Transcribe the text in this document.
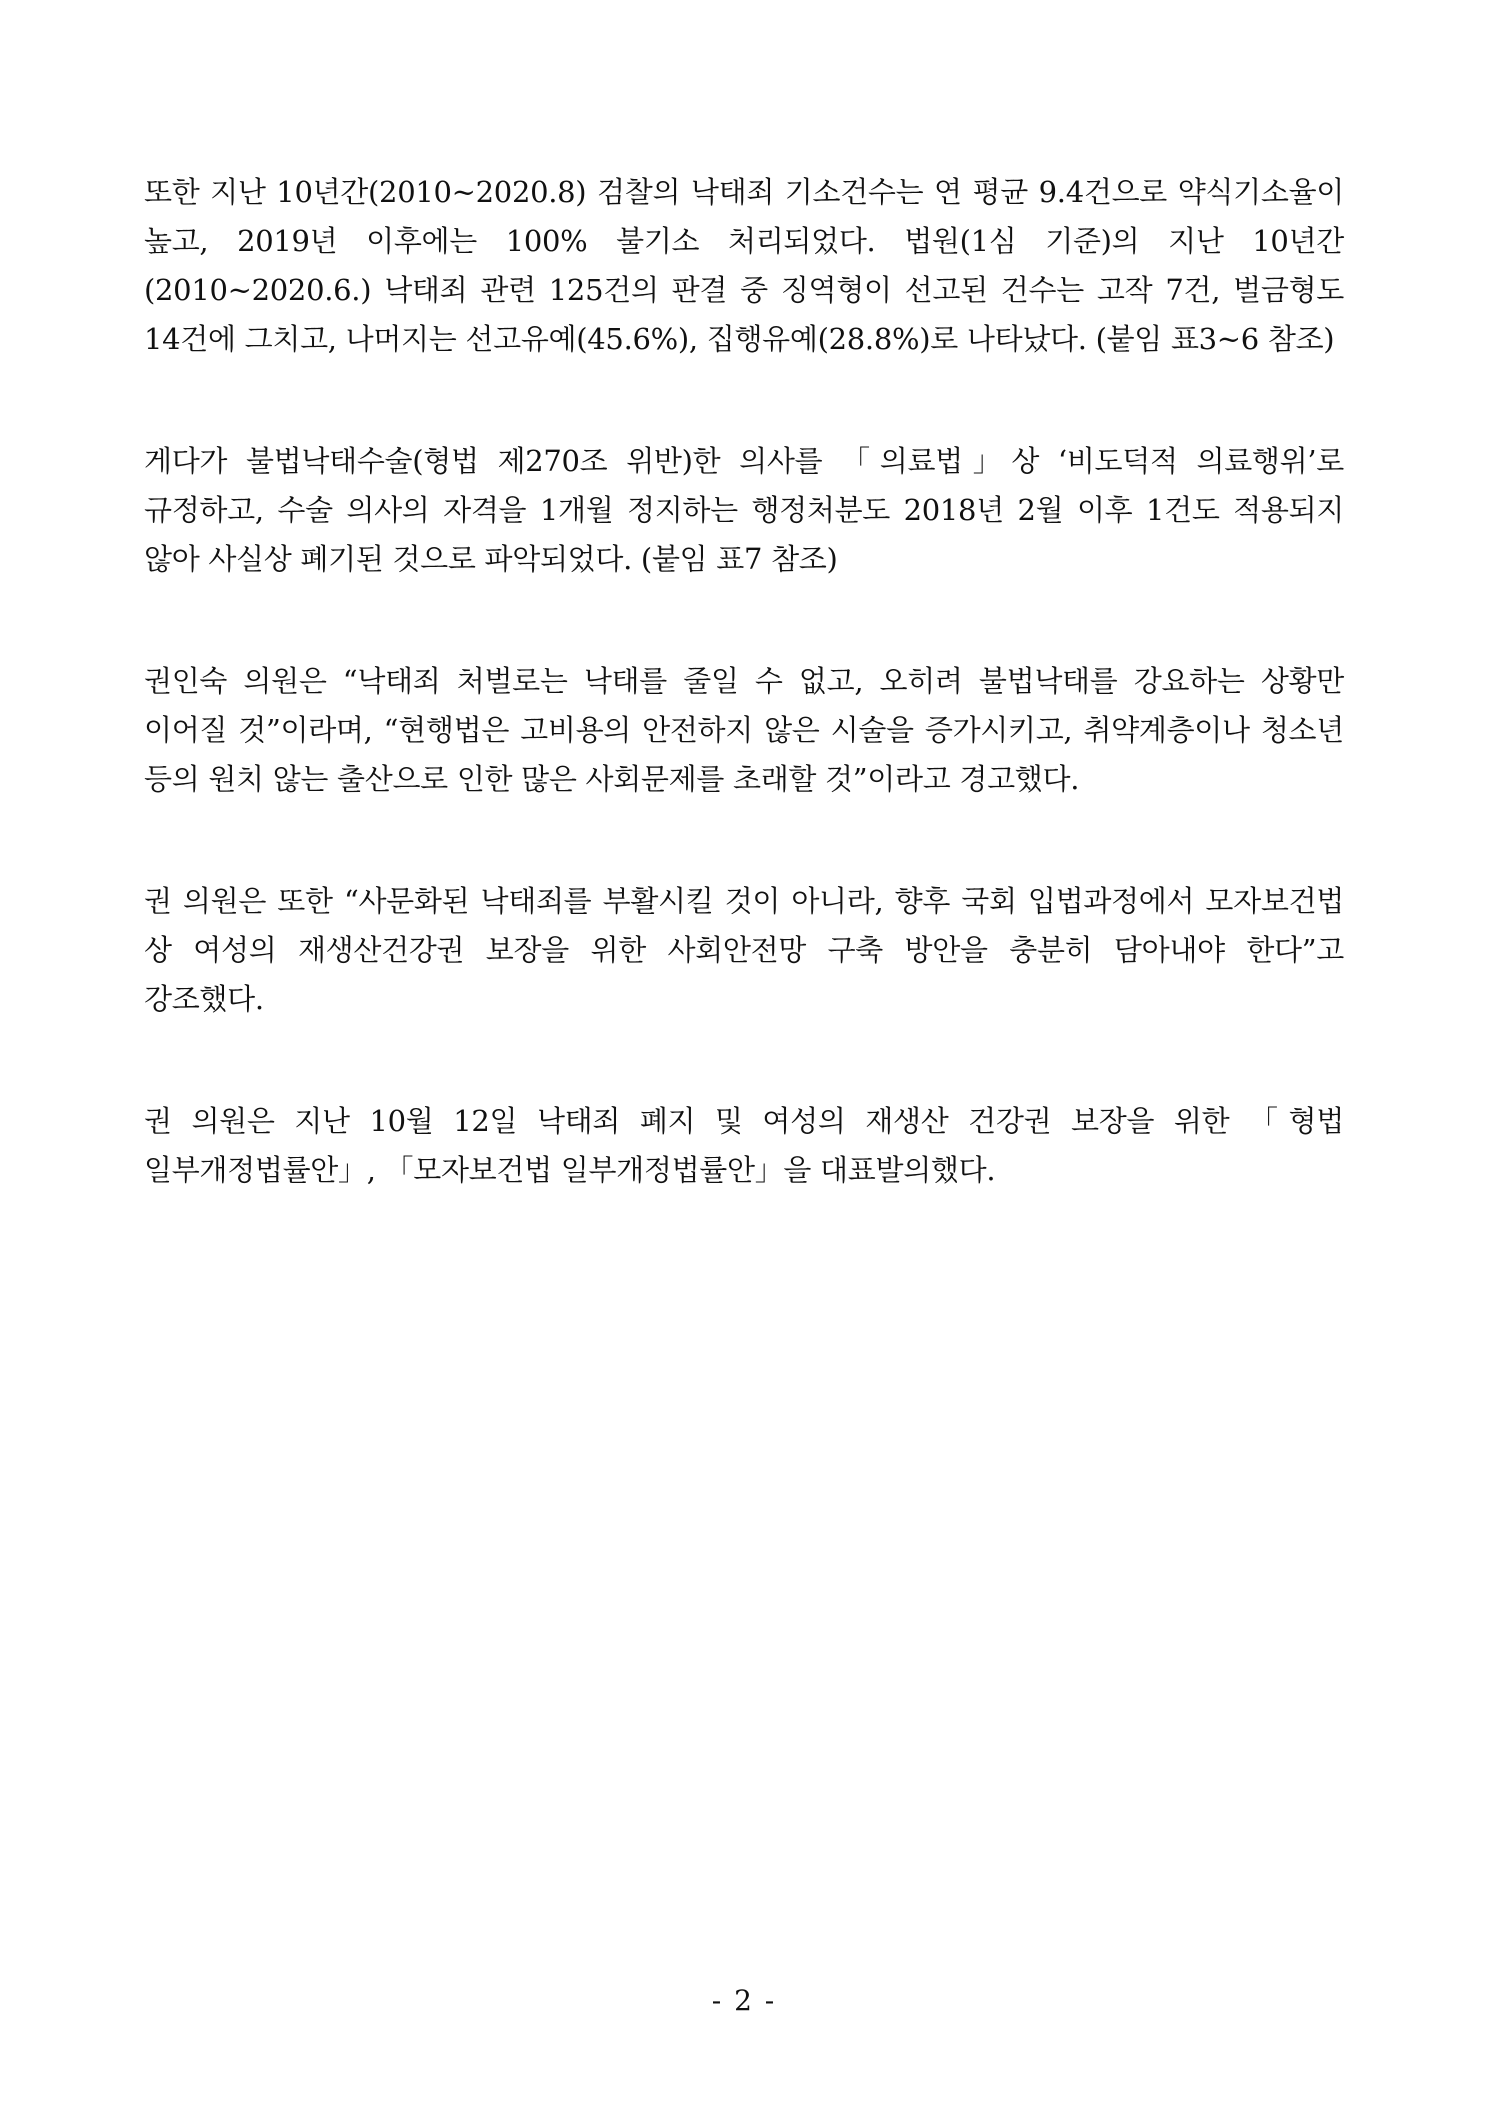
또한 지난 10년간(2010~2020.8) 검찰의 낙태죄 기소건수는 연 평균 9.4건으로 약식기소율이 높고, 2019년 이후에는 100% 불기소 처리되었다. 법원(1심 기준)의 지난 10년간(2010~2020.6.) 낙태죄 관련 125건의 판결 중 징역형이 선고된 건수는 고작 7건, 벌금형도 14건에 그치고, 나머지는 선고유예(45.6%), 집행유예(28.8%)로 나타났다. (붙임 표3~6 참조)

게다가 불법낙태수술(형법 제270조 위반)한 의사를 「의료법」상 ‘비도덕적 의료행위’로 규정하고, 수술 의사의 자격을 1개월 정지하는 행정처분도 2018년 2월 이후 1건도 적용되지 않아 사실상 폐기된 것으로 파악되었다. (붙임 표7 참조)

권인숙 의원은 “낙태죄 처벌로는 낙태를 줄일 수 없고, 오히려 불법낙태를 강요하는 상황만 이어질 것”이라며, “현행법은 고비용의 안전하지 않은 시술을 증가시키고, 취약계층이나 청소년 등의 원치 않는 출산으로 인한 많은 사회문제를 초래할 것”이라고 경고했다.

권 의원은 또한 “사문화된 낙태죄를 부활시킬 것이 아니라, 향후 국회 입법과정에서 모자보건법 상 여성의 재생산건강권 보장을 위한 사회안전망 구축 방안을 충분히 담아내야 한다”고 강조했다.

권 의원은 지난 10월 12일 낙태죄 폐지 및 여성의 재생산 건강권 보장을 위한 「형법 일부개정법률안」, 「모자보건법 일부개정법률안」을 대표발의했다.

- 2 -
